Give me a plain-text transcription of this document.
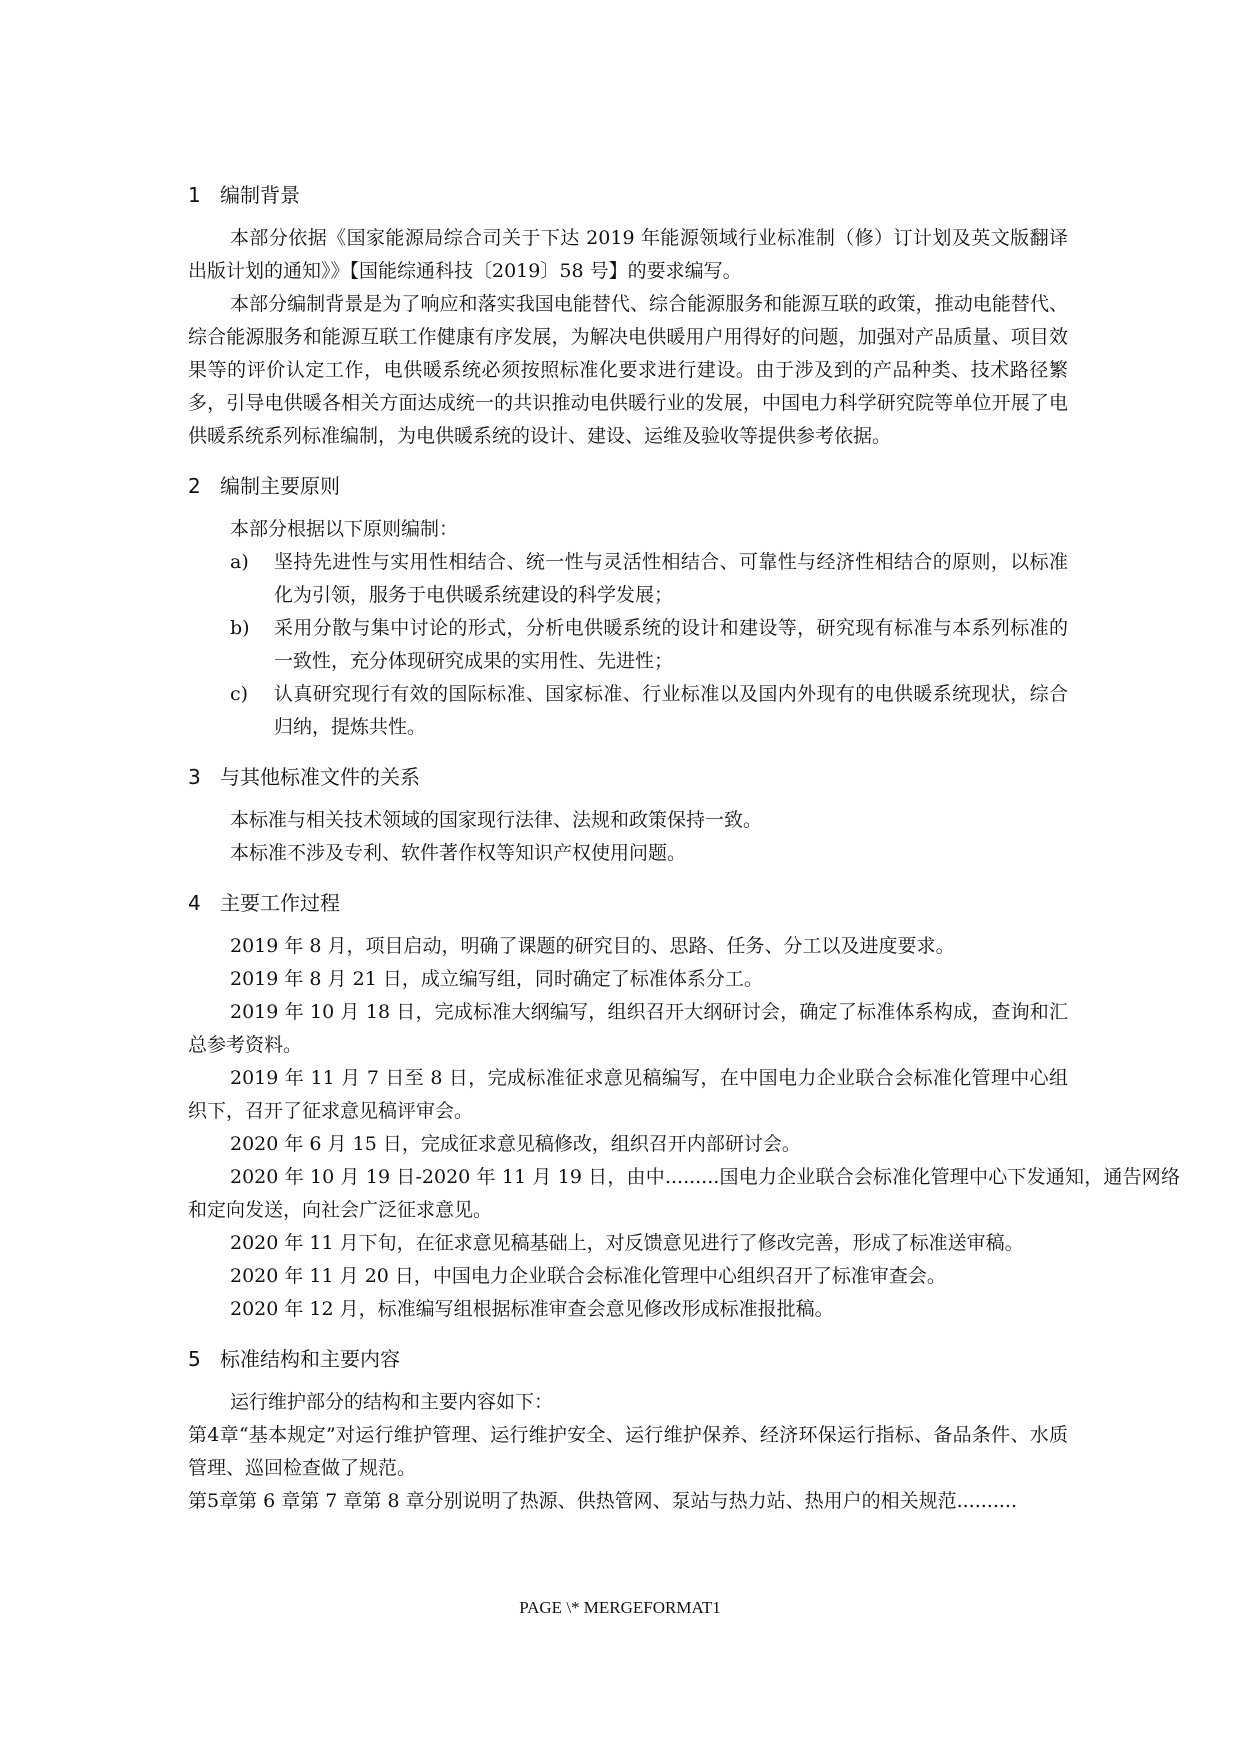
1 编制背景

本部分依据《国家能源局综合司关于下达 2019 年能源领域行业标准制（修）订计划及英文版翻译出版计划的通知》》【国能综通科技〔2019〕58 号】的要求编写。

本部分编制背景是为了响应和落实我国电能替代、综合能源服务和能源互联的政策，推动电能替代、综合能源服务和能源互联工作健康有序发展，为解决电供暖用户用得好的问题，加强对产品质量、项目效果等的评价认定工作，电供暖系统必须按照标准化要求进行建设。由于涉及到的产品种类、技术路径繁多，引导电供暖各相关方面达成统一的共识推动电供暖行业的发展，中国电力科学研究院等单位开展了电供暖系统系列标准编制，为电供暖系统的设计、建设、运维及验收等提供参考依据。

2 编制主要原则

本部分根据以下原则编制：

a)	坚持先进性与实用性相结合、统一性与灵活性相结合、可靠性与经济性相结合的原则，以标准化为引领，服务于电供暖系统建设的科学发展；
b)	采用分散与集中讨论的形式，分析电供暖系统的设计和建设等，研究现有标准与本系列标准的一致性，充分体现研究成果的实用性、先进性；
c)	认真研究现行有效的国际标准、国家标准、行业标准以及国内外现有的电供暖系统现状，综合归纳，提炼共性。
3 与其他标准文件的关系

本标准与相关技术领域的国家现行法律、法规和政策保持一致。

本标准不涉及专利、软件著作权等知识产权使用问题。

4 主要工作过程

2019 年 8 月，项目启动，明确了课题的研究目的、思路、任务、分工以及进度要求。

2019 年 8 月 21 日，成立编写组，同时确定了标准体系分工。

2019 年 10 月 18 日，完成标准大纲编写，组织召开大纲研讨会，确定了标准体系构成，查询和汇总参考资料。

2019 年 11 月 7 日至 8 日，完成标准征求意见稿编写，在中国电力企业联合会标准化管理中心组织下，召开了征求意见稿评审会。

2020 年 6 月 15 日，完成征求意见稿修改，组织召开内部研讨会。

2020 年 10 月 19 日-2020 年 11 月 19 日，由中.........国电力企业联合会标准化管理中心下发通知，通告网络和定向发送，向社会广泛征求意见。

2020 年 11 月下旬，在征求意见稿基础上，对反馈意见进行了修改完善，形成了标准送审稿。

2020 年 11 月 20 日，中国电力企业联合会标准化管理中心组织召开了标准审查会。

2020 年 12 月，标准编写组根据标准审查会意见修改形成标准报批稿。

5 标准结构和主要内容

运行维护部分的结构和主要内容如下：

第4章“基本规定”对运行维护管理、运行维护安全、运行维护保养、经济环保运行指标、备品条件、水质管理、巡回检查做了规范。

第5章第 6 章第 7 章第 8 章分别说明了热源、供热管网、泵站与热力站、热用户的相关规范..........

PAGE \* MERGEFORMAT1
